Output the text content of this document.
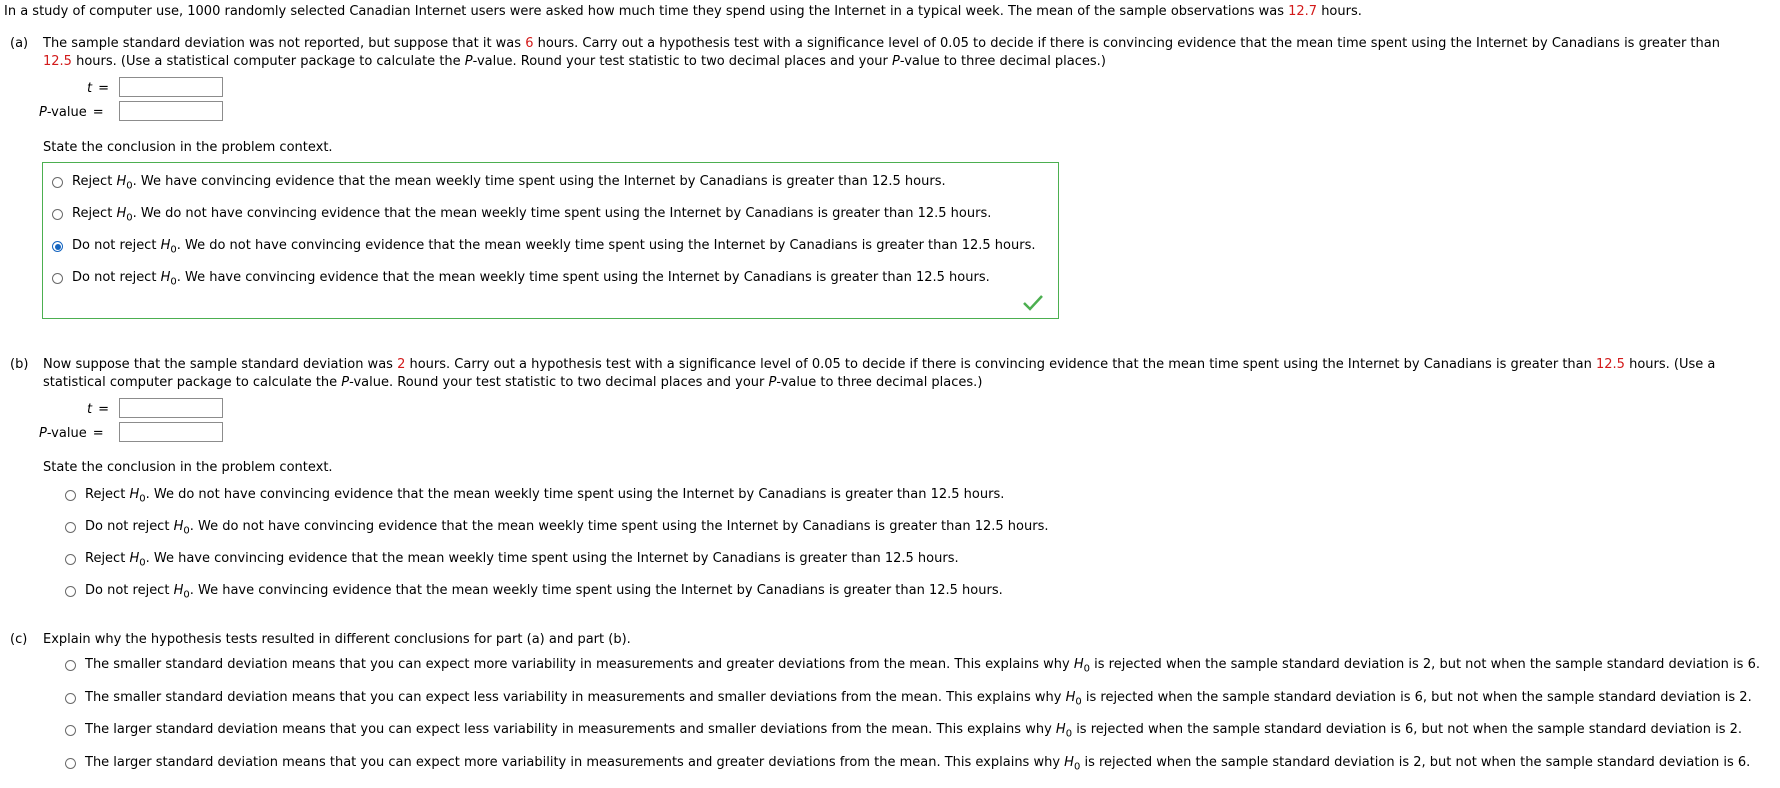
In a study of computer use, 1000 randomly selected Canadian Internet users were asked how much time they spend using the Internet in a typical week. The mean of the sample observations was 12.7 hours.
(a) The sample standard deviation was not reported, but suppose that it was 6 hours. Carry out a hypothesis test with a significance level of 0.05 to decide if there is convincing evidence that the mean time spent using the Internet by Canadians is greater than
12.5 hours. (Use a statistical computer package to calculate the P-value. Round your test statistic to two decimal places and your P-value to three decimal places.)
t =
P-value =
State the conclusion in the problem context.
Reject $H_0$. We have convincing evidence that the mean weekly time spent using the Internet by Canadians is greater than 12.5 hours.
Reject $H_0$. We do not have convincing evidence that the mean weekly time spent using the Internet by Canadians is greater than 12.5 hours.
Do not reject $H_0$. We do not have convincing evidence that the mean weekly time spent using the Internet by Canadians is greater than 12.5 hours.
Do not reject $H_0$. We have convincing evidence that the mean weekly time spent using the Internet by Canadians is greater than 12.5 hours.
(b) Now suppose that the sample standard deviation was 2 hours. Carry out a hypothesis test with a significance level of 0.05 to decide if there is convincing evidence that the mean time spent using the Internet by Canadians is greater than 12.5 hours. (Use a statistical computer package to calculate the P-value. Round your test statistic to two decimal places and your P-value to three decimal places.)
t =
P-value =
State the conclusion in the problem context.
Reject $H_0$. We do not have convincing evidence that the mean weekly time spent using the Internet by Canadians is greater than 12.5 hours.
Do not reject $H_0$. We do not have convincing evidence that the mean weekly time spent using the Internet by Canadians is greater than 12.5 hours.
Reject $H_0$. We have convincing evidence that the mean weekly time spent using the Internet by Canadians is greater than 12.5 hours.
Do not reject $H_0$. We have convincing evidence that the mean weekly time spent using the Internet by Canadians is greater than 12.5 hours.
(c) Explain why the hypothesis tests resulted in different conclusions for part (a) and part (b).
The smaller standard deviation means that you can expect more variability in measurements and greater deviations from the mean. This explains why $H_0$ is rejected when the sample standard deviation is 2, but not when the sample standard deviation is 6.
The smaller standard deviation means that you can expect less variability in measurements and smaller deviations from the mean. This explains why $H_0$ is rejected when the sample standard deviation is 6, but not when the sample standard deviation is 2.
The larger standard deviation means that you can expect less variability in measurements and smaller deviations from the mean. This explains why $H_0$ is rejected when the sample standard deviation is 6, but not when the sample standard deviation is 2.
The larger standard deviation means that you can expect more variability in measurements and greater deviations from the mean. This explains why $H_0$ is rejected when the sample standard deviation is 2, but not when the sample standard deviation is 6.
